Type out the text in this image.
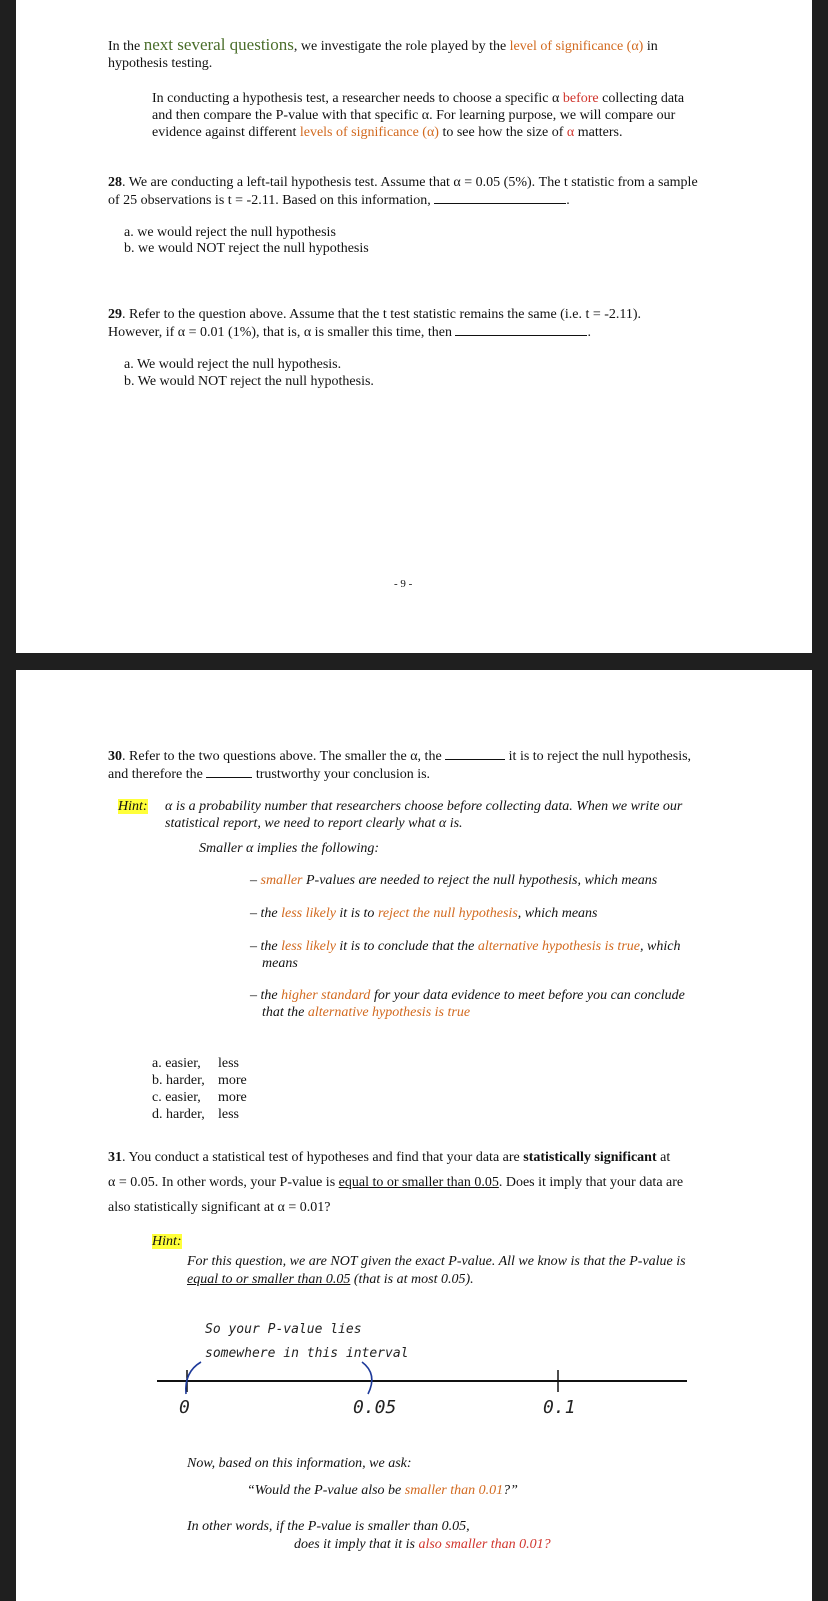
In the next several questions, we investigate the role played by the level of significance (α) in
hypothesis testing.
In conducting a hypothesis test, a researcher needs to choose a specific α before collecting data
and then compare the P-value with that specific α. For learning purpose, we will compare our
evidence against different levels of significance (α) to see how the size of α matters.
28. We are conducting a left-tail hypothesis test. Assume that α = 0.05 (5%). The t statistic from a sample
of 25 observations is t = -2.11. Based on this information,	.
a. we would reject the null hypothesis
b. we would NOT reject the null hypothesis
29. Refer to the question above. Assume that the t test statistic remains the same (i.e. t = -2.11).
However, if α = 0.01 (1%), that is, α is smaller this time, then	.
a. We would reject the null hypothesis.
b. We would NOT reject the null hypothesis.
- 9 -
30. Refer to the two questions above. The smaller the α, the	it is to reject the null hypothesis,
and therefore the	trustworthy your conclusion is.
Hint: α is a probability number that researchers choose before collecting data. When we write our
statistical report, we need to report clearly what α is.
Smaller α implies the following:
– smaller P-values are needed to reject the null hypothesis, which means
– the less likely it is to reject the null hypothesis, which means
– the less likely it is to conclude that the alternative hypothesis is true, which
means
– the higher standard for your data evidence to meet before you can conclude
that the alternative hypothesis is true
a. easier, less
b. harder, more
c. easier, more
d. harder, less
31. You conduct a statistical test of hypotheses and find that your data are statistically significant at
α = 0.05. In other words, your P-value is equal to or smaller than 0.05. Does it imply that your data are
also statistically significant at α = 0.01?
Hint:
For this question, we are NOT given the exact P-value. All we know is that the P-value is
equal to or smaller than 0.05 (that is at most 0.05).
So your P-value lies
somewhere in this interval
0	0.05	0.1
Now, based on this information, we ask:
“Would the P-value also be smaller than 0.01?”
In other words, if the P-value is smaller than 0.05,
does it imply that it is also smaller than 0.01?
